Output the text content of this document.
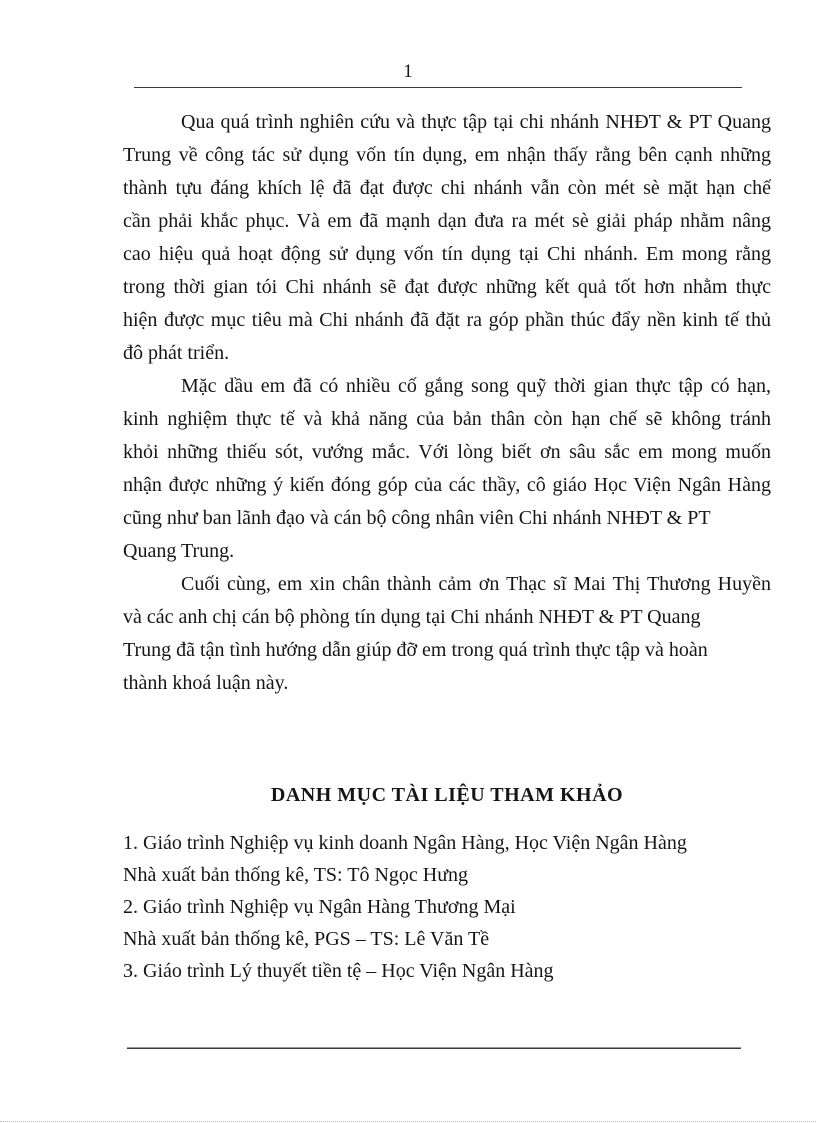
1
Qua quá trình nghiên cứu và thực tập tại chi nhánh NHĐT & PT Quang
Trung về công tác sử dụng vốn tín dụng, em nhận thấy rằng bên cạnh những
thành tựu đáng khích lệ đã đạt được chi nhánh vẫn còn mét sè mặt hạn chế
cần phải khắc phục. Và em đã mạnh dạn đưa ra mét sè giải pháp nhằm nâng
cao hiệu quả hoạt động sử dụng vốn tín dụng tại Chi nhánh. Em mong rằng
trong thời gian tói Chi nhánh sẽ đạt được những kết quả tốt hơn nhằm thực
hiện được mục tiêu mà Chi nhánh đã đặt ra góp phần thúc đẩy nền kinh tế thủ
đô phát triển.
Mặc dầu em đã có nhiều cố gắng song quỹ thời gian thực tập có hạn,
kinh nghiệm thực tế và khả năng của bản thân còn hạn chế sẽ không tránh
khỏi những thiếu sót, vướng mắc. Với lòng biết ơn sâu sắc em mong muốn
nhận được những ý kiến đóng góp của các thầy, cô giáo Học Viện Ngân Hàng
cũng như ban lãnh đạo và cán bộ công nhân viên Chi nhánh NHĐT & PT
Quang Trung.
Cuối cùng, em xin chân thành cảm ơn Thạc sĩ Mai Thị Thương Huyền
và các anh chị cán bộ phòng tín dụng tại Chi nhánh NHĐT & PT Quang
Trung đã tận tình hướng dẫn giúp đỡ em trong quá trình thực tập và hoàn
thành khoá luận này.
DANH MỤC TÀI LIỆU THAM KHẢO
1. Giáo trình Nghiệp vụ kinh doanh Ngân Hàng, Học Viện Ngân Hàng
Nhà xuất bản thống kê, TS: Tô Ngọc Hưng
2. Giáo trình Nghiệp vụ Ngân Hàng Thương Mại
Nhà xuất bản thống kê, PGS – TS: Lê Văn Tề
3. Giáo trình Lý thuyết tiền tệ – Học Viện Ngân Hàng
